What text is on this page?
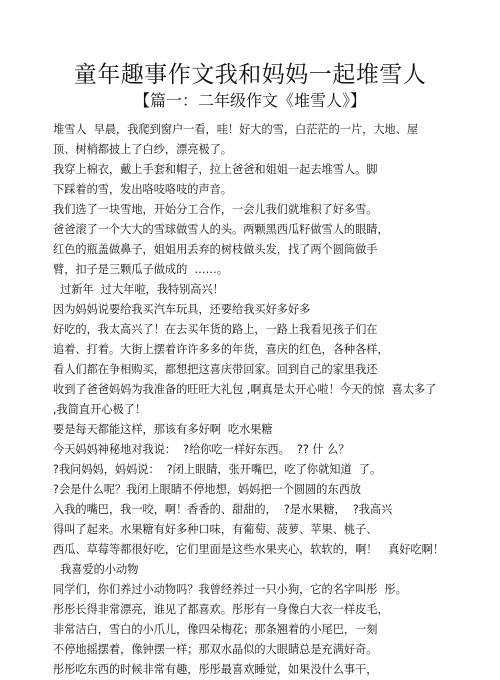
童年趣事作文我和妈妈一起堆雪人
【篇一：二年级作文《堆雪人》】
堆雪人  早晨，我爬到窗户一看，哇！好大的雪，白茫茫的一片，大地、屋
顶、树梢都披上了白纱，漂亮极了。
我穿上棉衣，戴上手套和帽子，拉上爸爸和姐姐一起去堆雪人。脚
下踩着的雪，发出咯吱咯吱的声音。
我们选了一块雪地，开始分工合作，一会儿我们就堆积了好多雪。
爸爸滚了一个大大的雪球做雪人的头。两颗黑西瓜籽做雪人的眼睛，
红色的瓶盖做鼻子，姐姐用丢弃的树枝做头发，找了两个圆筒做手
臂，扣子是三颗瓜子做成的  ……。
过新年  过大年啦，我特别高兴！
因为妈妈说要给我买汽车玩具，还要给我买好多好多
好吃的，我太高兴了！在去买年货的路上，一路上我看见孩子们在
追着、打着。大街上摆着许许多多的年货，喜庆的红色，各种各样，
看人们都在争相购买，都想把这喜庆带回家。回到自己的家里我还
收到了爸爸妈妈为我准备的旺旺大礼包 ,啊真是太开心啦！今天的惊  喜太多了
,我简直开心极了！
要是每天都能这样，那该有多好啊  吃水果糖
今天妈妈神秘地对我说：  ?给你吃一样好东西。  ?? 什 么？
?我问妈妈，妈妈说：  ?闭上眼睛，张开嘴巴，吃了你就知道  了。
?会是什么呢？我闭上眼睛不停地想，妈妈把一个圆圆的东西放
入我的嘴巴，我一咬，啊！香香的、甜甜的，  ?是水果糖，  ?我高兴
得叫了起来。水果糖有好多种口味，有葡萄、菠萝、苹果、桃子、
西瓜、草莓等都很好吃，它们里面是这些水果夹心，软软的，啊！   真好吃啊！
我喜爱的小动物
同学们，你们养过小动物吗？我曾经养过一只小狗，它的名字叫彤  彤。
彤彤长得非常漂亮，谁见了都喜欢。彤彤有一身像白大衣一样皮毛，
非常洁白，雪白的小爪儿，像四朵梅花；那条翘着的小尾巴，一刻
不停地摇摆着，像钟摆一样；那双水晶似的大眼睛总是充满好奇。
彤彤吃东西的时候非常有趣，彤彤最喜欢睡觉，如果没什么事干，
